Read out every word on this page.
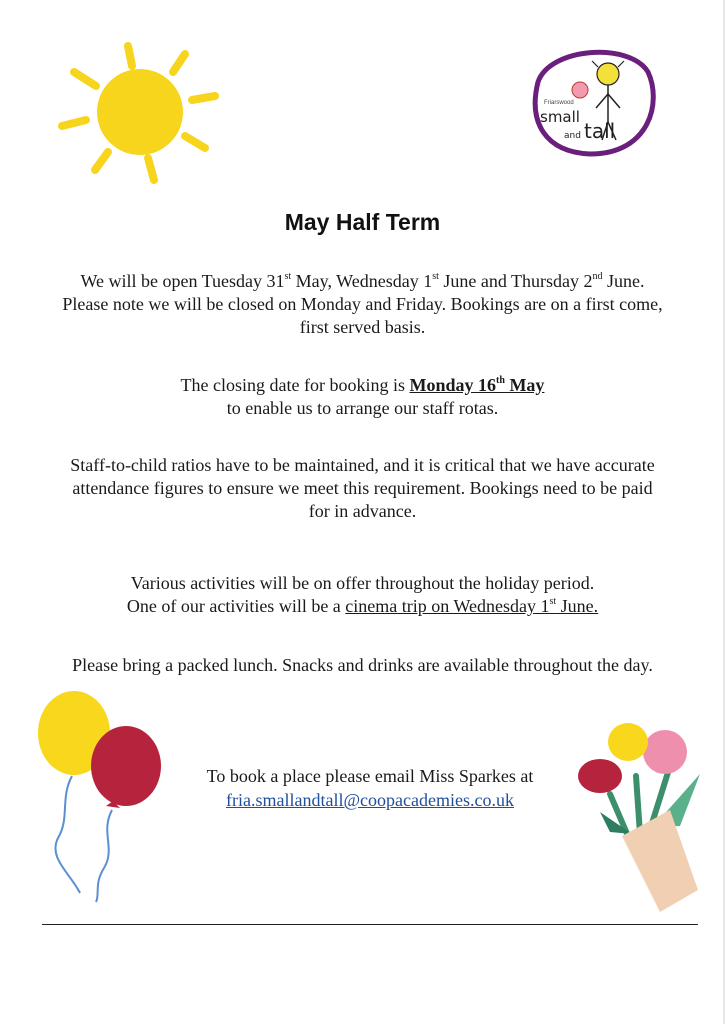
Friarswood
small
and tall
May Half Term
We will be open Tuesday 31st May, Wednesday 1st June and Thursday 2nd June.
Please note we will be closed on Monday and Friday. Bookings are on a first come,
first served basis.
The closing date for booking is Monday 16th May
to enable us to arrange our staff rotas.
Staff-to-child ratios have to be maintained, and it is critical that we have accurate
attendance figures to ensure we meet this requirement. Bookings need to be paid
for in advance.
Various activities will be on offer throughout the holiday period.
One of our activities will be a cinema trip on Wednesday 1st June.
Please bring a packed lunch. Snacks and drinks are available throughout the day.
To book a place please email Miss Sparkes at
fria.smallandtall@coopacademies.co.uk
